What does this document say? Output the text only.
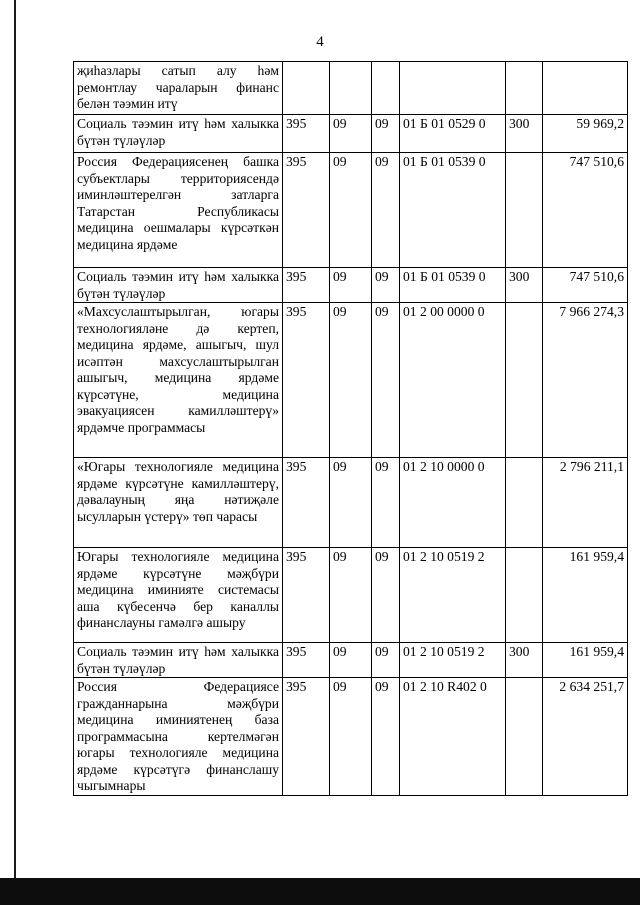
4
җиһазлары сатып алу һәм ремонтлау чараларын финанс белән тәэмин итү						
Социаль тәэмин итү һәм халыкка бүтән түләүләр	395	09	09	01 Б 01 0529 0	300	59 969,2
Россия Федерациясенең башка субъектлары территориясендә иминләштерелгән затларга Татарстан Республикасы медицина оешмалары күрсәткән медицина ярдәме	395	09	09	01 Б 01 0539 0		747 510,6
Социаль тәэмин итү һәм халыкка бүтән түләүләр	395	09	09	01 Б 01 0539 0	300	747 510,6
«Махсуслаштырылган, югары технологияләне дә кертеп, медицина ярдәме, ашыгыч, шул исәптән махсуслаштырылган ашыгыч, медицина ярдәме күрсәтүне, медицина эвакуациясен камилләштерү» ярдәмче программасы	395	09	09	01 2 00 0000 0		7 966 274,3
«Югары технологияле медицина ярдәме күрсәтүне камилләштерү, дәвалауның яңа нәтиҗәле ысулларын үстерү» төп чарасы	395	09	09	01 2 10 0000 0		2 796 211,1
Югары технологияле медицина ярдәме күрсәтүне мәҗбүри медицина иминияте системасы аша күбесенчә бер каналлы финанслауны гамәлгә ашыру	395	09	09	01 2 10 0519 2		161 959,4
Социаль тәэмин итү һәм халыкка бүтән түләүләр	395	09	09	01 2 10 0519 2	300	161 959,4
Россия Федерациясе гражданнарына мәҗбүри медицина иминиятенең база программасына кертелмәгән югары технологияле медицина ярдәме күрсәтүгә финанслашу чыгымнары	395	09	09	01 2 10 R402 0		2 634 251,7
